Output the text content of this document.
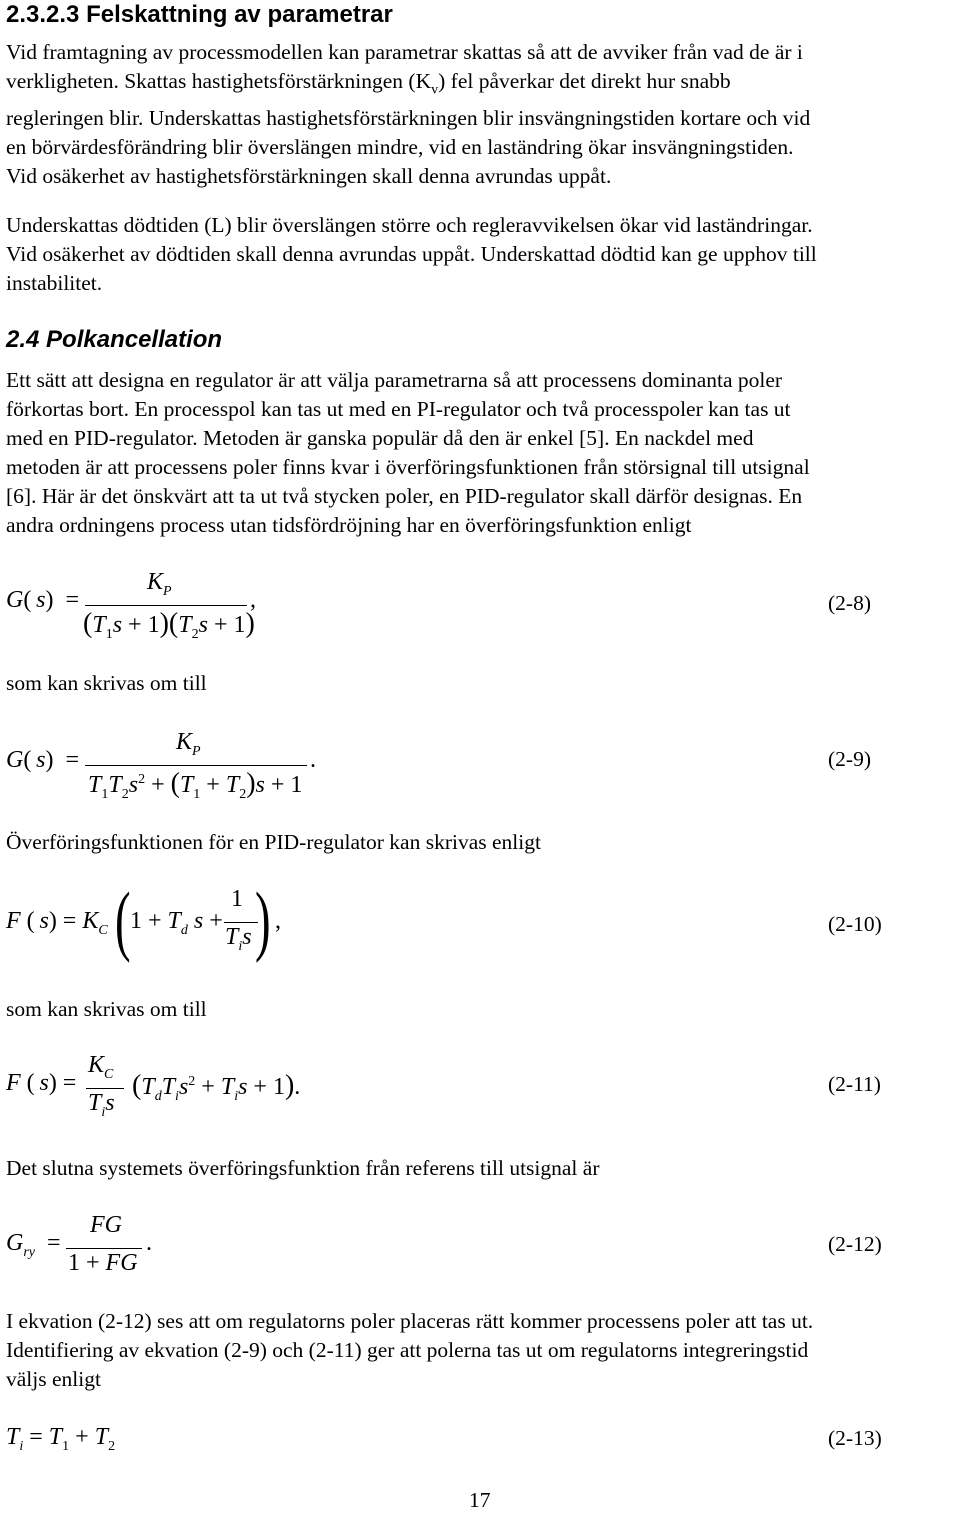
2.3.2.3 Felskattning av parametrar
Vid framtagning av processmodellen kan parametrar skattas så att de avviker från vad de är i
verkligheten. Skattas hastighetsförstärkningen $(K_v)$ fel påverkar det direkt hur snabb
regleringen blir. Underskattas hastighetsförstärkningen blir insvängningstiden kortare och vid
en börvärdesförändring blir överslängen mindre, vid en laständring ökar insvängningstiden.
Vid osäkerhet av hastighetsförstärkningen skall denna avrundas uppåt.
Underskattas dödtiden (L) blir överslängen större och regleravvikelsen ökar vid laständringar.
Vid osäkerhet av dödtiden skall denna avrundas uppåt. Underskattad dödtid kan ge upphov till
instabilitet.
2.4 Polkancellation
Ett sätt att designa en regulator är att välja parametrarna så att processens dominanta poler
förkortas bort. En processpol kan tas ut med en PI-regulator och två processpoler kan tas ut
med en PID-regulator. Metoden är ganska populär då den är enkel [5]. En nackdel med
metoden är att processens poler finns kvar i överföringsfunktionen från störsignal till utsignal
[6]. Här är det önskvärt att ta ut två stycken poler, en PID-regulator skall därför designas. En
andra ordningens process utan tidsfördröjning har en överföringsfunktion enligt
G( s)  =
$K_P$
$(T_1s + 1)(T_2s + 1)$
,	(2-8)
som kan skrivas om till
G( s)  =
$K_P$
$T_1T_2s^2 + (T_1 + T_2)s + 1$
.	(2-9)
Överföringsfunktionen för en PID-regulator kan skrivas enligt
F ( $s) = K_C$ ( $1 + T_d$ s +
1
$T_is$ ) ,	(2-10)
som kan skrivas om till
F ( s) =
$K_C$
$T_is$
$(T_dT_is^2 + T_is + 1)$.	(2-11)
Det slutna systemets överföringsfunktion från referens till utsignal är
$G_{ry}$  =
FG
1 + FG
.	(2-12)
I ekvation (2-12) ses att om regulatorns poler placeras rätt kommer processens poler att tas ut.
Identifiering av ekvation (2-9) och (2-11) ger att polerna tas ut om regulatorns integreringstid
väljs enligt
$T_i = T_1 + T_2$	(2-13)
17
